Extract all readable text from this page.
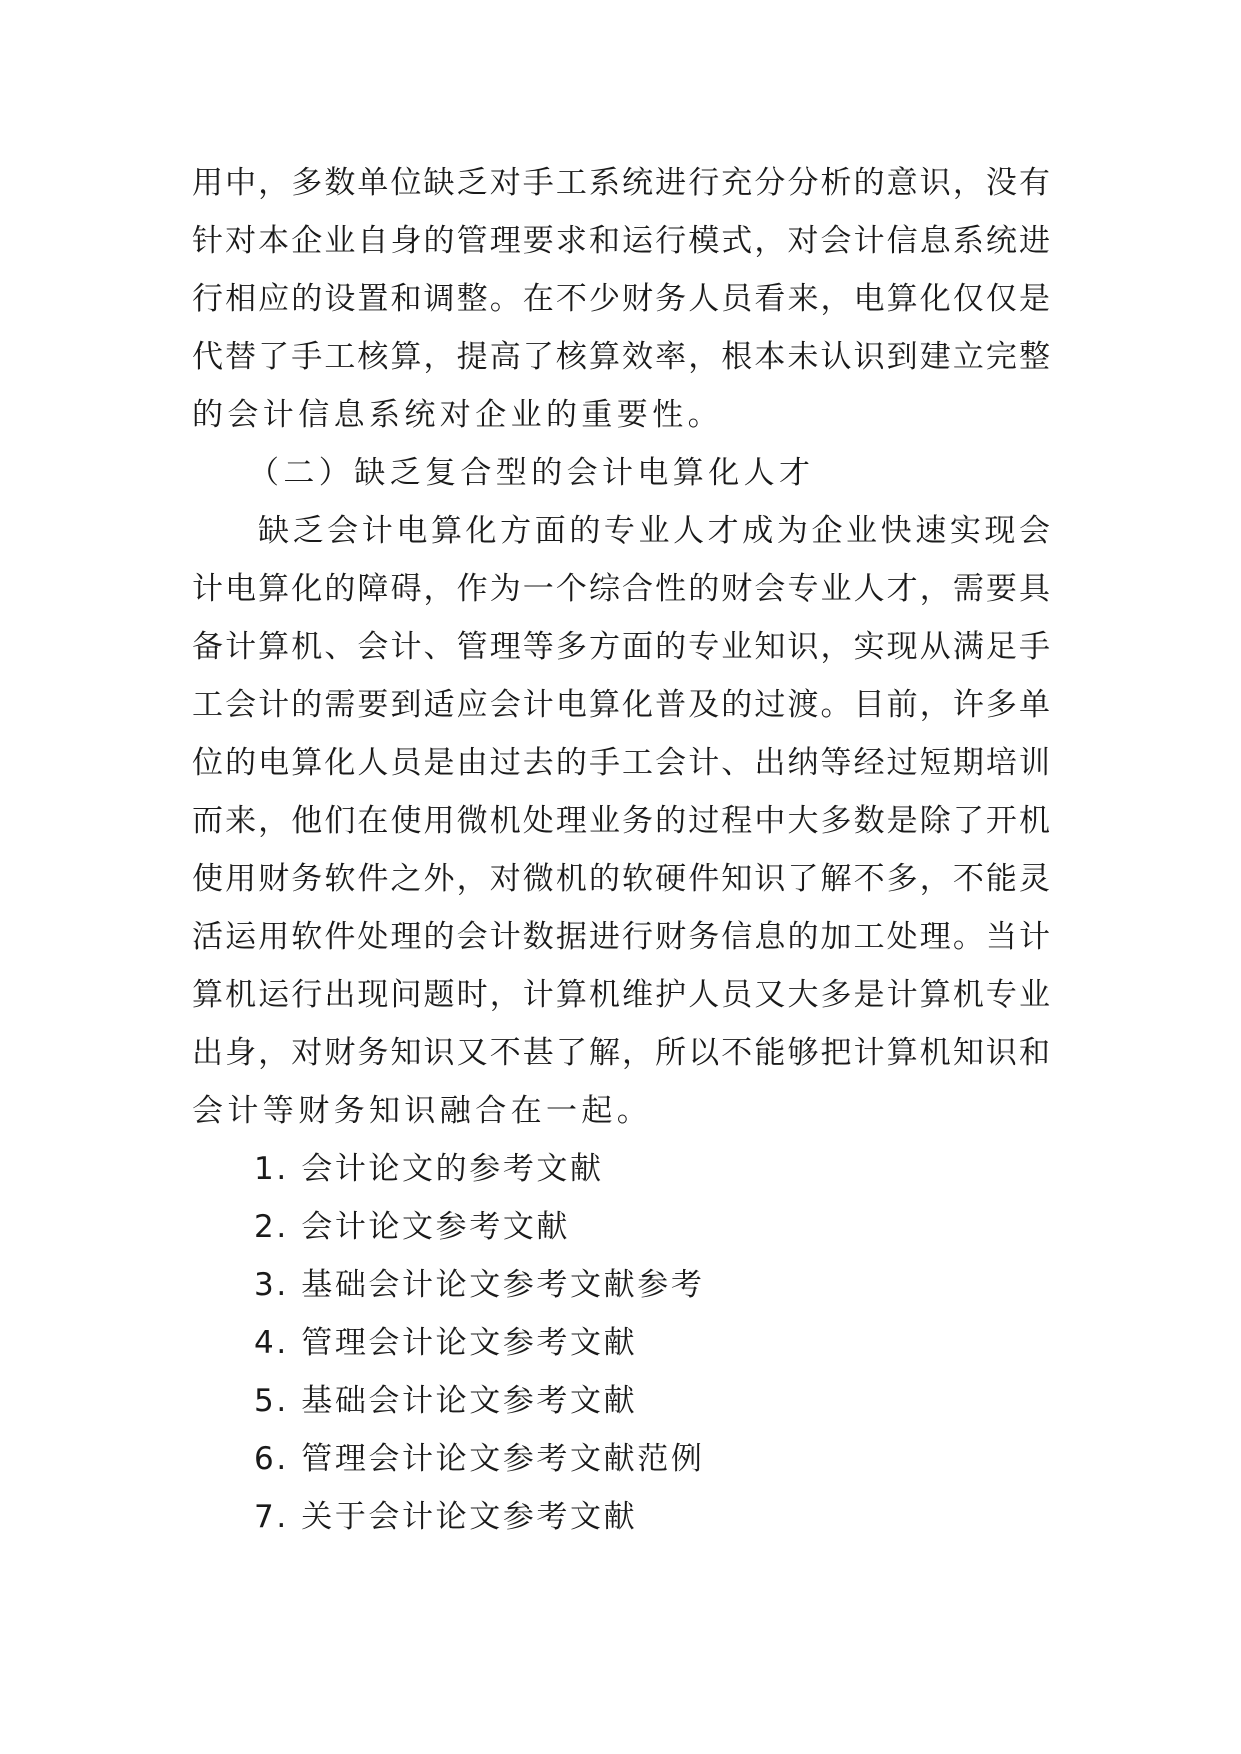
用中，多数单位缺乏对手工系统进行充分分析的意识，没有
针对本企业自身的管理要求和运行模式，对会计信息系统进
行相应的设置和调整。在不少财务人员看来，电算化仅仅是
代替了手工核算，提高了核算效率，根本未认识到建立完整
的会计信息系统对企业的重要性。
（二）缺乏复合型的会计电算化人才
缺乏会计电算化方面的专业人才成为企业快速实现会
计电算化的障碍，作为一个综合性的财会专业人才，需要具
备计算机、会计、管理等多方面的专业知识，实现从满足手
工会计的需要到适应会计电算化普及的过渡。目前，许多单
位的电算化人员是由过去的手工会计、出纳等经过短期培训
而来，他们在使用微机处理业务的过程中大多数是除了开机
使用财务软件之外，对微机的软硬件知识了解不多，不能灵
活运用软件处理的会计数据进行财务信息的加工处理。当计
算机运行出现问题时，计算机维护人员又大多是计算机专业
出身，对财务知识又不甚了解，所以不能够把计算机知识和
会计等财务知识融合在一起。
1. 会计论文的参考文献
2. 会计论文参考文献
3. 基础会计论文参考文献参考
4. 管理会计论文参考文献
5. 基础会计论文参考文献
6. 管理会计论文参考文献范例
7. 关于会计论文参考文献
